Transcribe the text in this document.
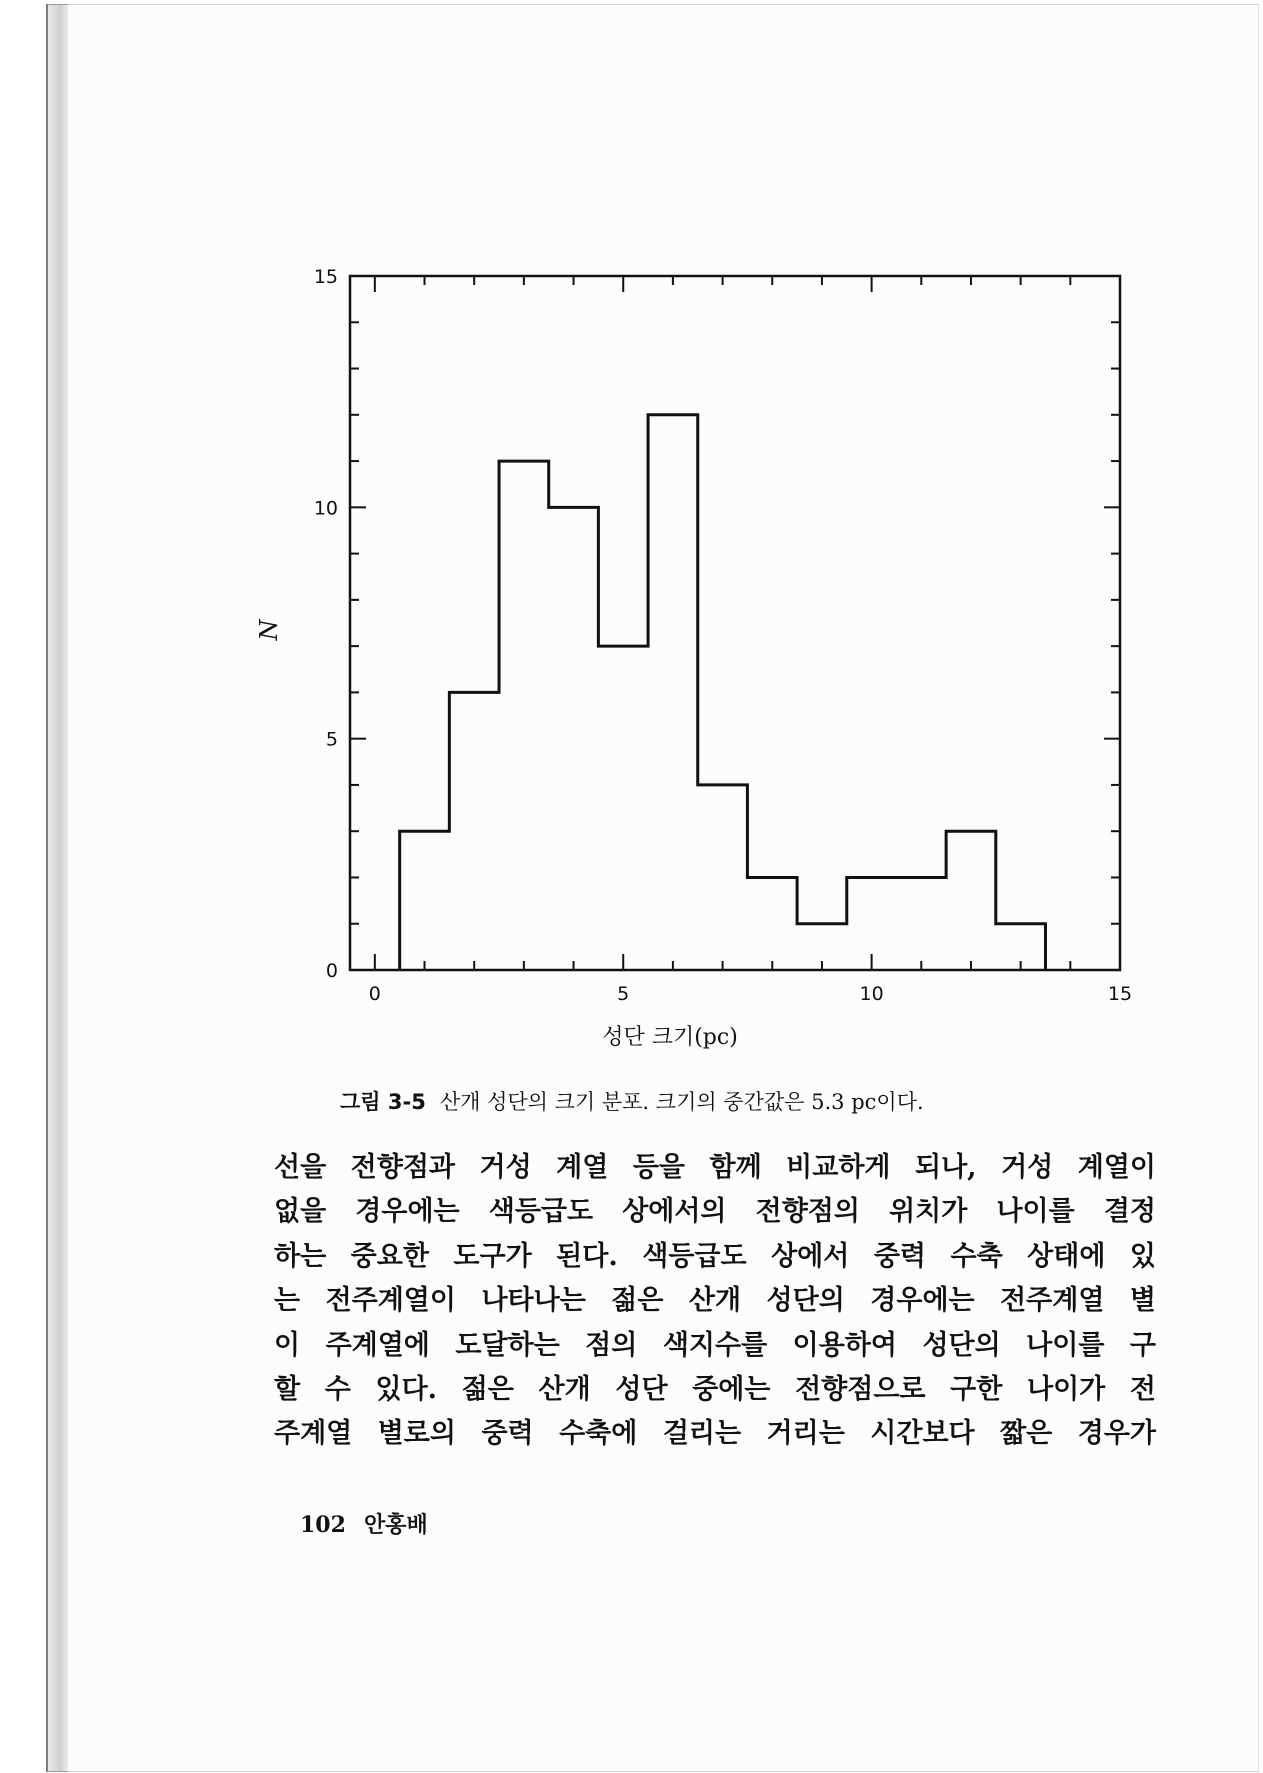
0	5	10	15
0
5
10
15
N
성단 크기(pc)
그림 3-5 산개 성단의 크기 분포. 크기의 중간값은 5.3 pc이다.
선을 전향점과 거성 계열 등을 함께 비교하게 되나, 거성 계열이
없을 경우에는 색등급도 상에서의 전향점의 위치가 나이를 결정
하는 중요한 도구가 된다. 색등급도 상에서 중력 수축 상태에 있
는 전주계열이 나타나는 젊은 산개 성단의 경우에는 전주계열 별
이 주계열에 도달하는 점의 색지수를 이용하여 성단의 나이를 구
할 수 있다. 젊은 산개 성단 중에는 전향점으로 구한 나이가 전
주계열 별로의 중력 수축에 걸리는 거리는 시간보다 짧은 경우가
102 안홍배
